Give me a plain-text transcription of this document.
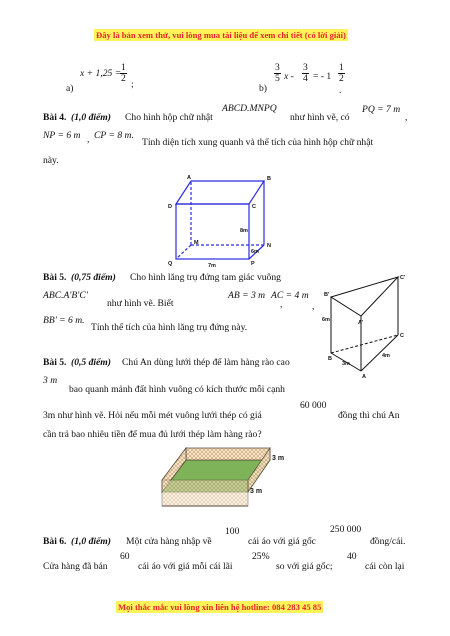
Đây là bản xem thử, vui lòng mua tài liệu để xem chi tiết (có lời giải)
x + 1,25 =
$\frac{1}{2}$
;
a)
$\frac{3}{5}$ x - $\frac{3}{4}$ = - $1 \frac{1}{2}$
b)	.
Bài 4. (1,0 điểm) Cho hình hộp chữ nhật
ABCD.MNPQ
như hình vẽ, có
PQ = 7 m
,
NP = 6 m , CP = 8 m.
Tính diện tích xung quanh và thể tích của hình hộp chữ nhật
này.
A	B
C
D
M	N
P
Q
8m
6m
7m
Bài 5. (0,75 điểm) Cho hình lăng trụ đứng tam giác vuông
ABC.A'B'C'
như hình vẽ. Biết
AB = 3 m
,
AC = 4 m
,
BB' = 6 m.
Tính thể tích của hình lăng trụ đứng này.
C'
B'
A'
C
B
A
6m
3m
4m
Bài 5. (0,5 điểm) Chú An dùng lưới thép để làm hàng rào cao
3 m
bao quanh mảnh đất hình vuông có kích thước mỗi cạnh
3m như hình vẽ. Hỏi nếu mỗi mét vuông lưới thép có giá
60 000
đồng thì chú An
cần trả bao nhiêu tiền để mua đủ lưới thép làm hàng rào?
3 m
3 m
Bài 6. (1,0 điểm) Một cửa hàng nhập về
100
cái áo với giá gốc
250 000
đồng/cái.
Cửa hàng đã bán
60
cái áo với giá mỗi cái lãi
25%
so với giá gốc;
40
cái còn lại
Mọi thắc mắc vui lòng xin liên hệ hotline: 084 283 45 85
